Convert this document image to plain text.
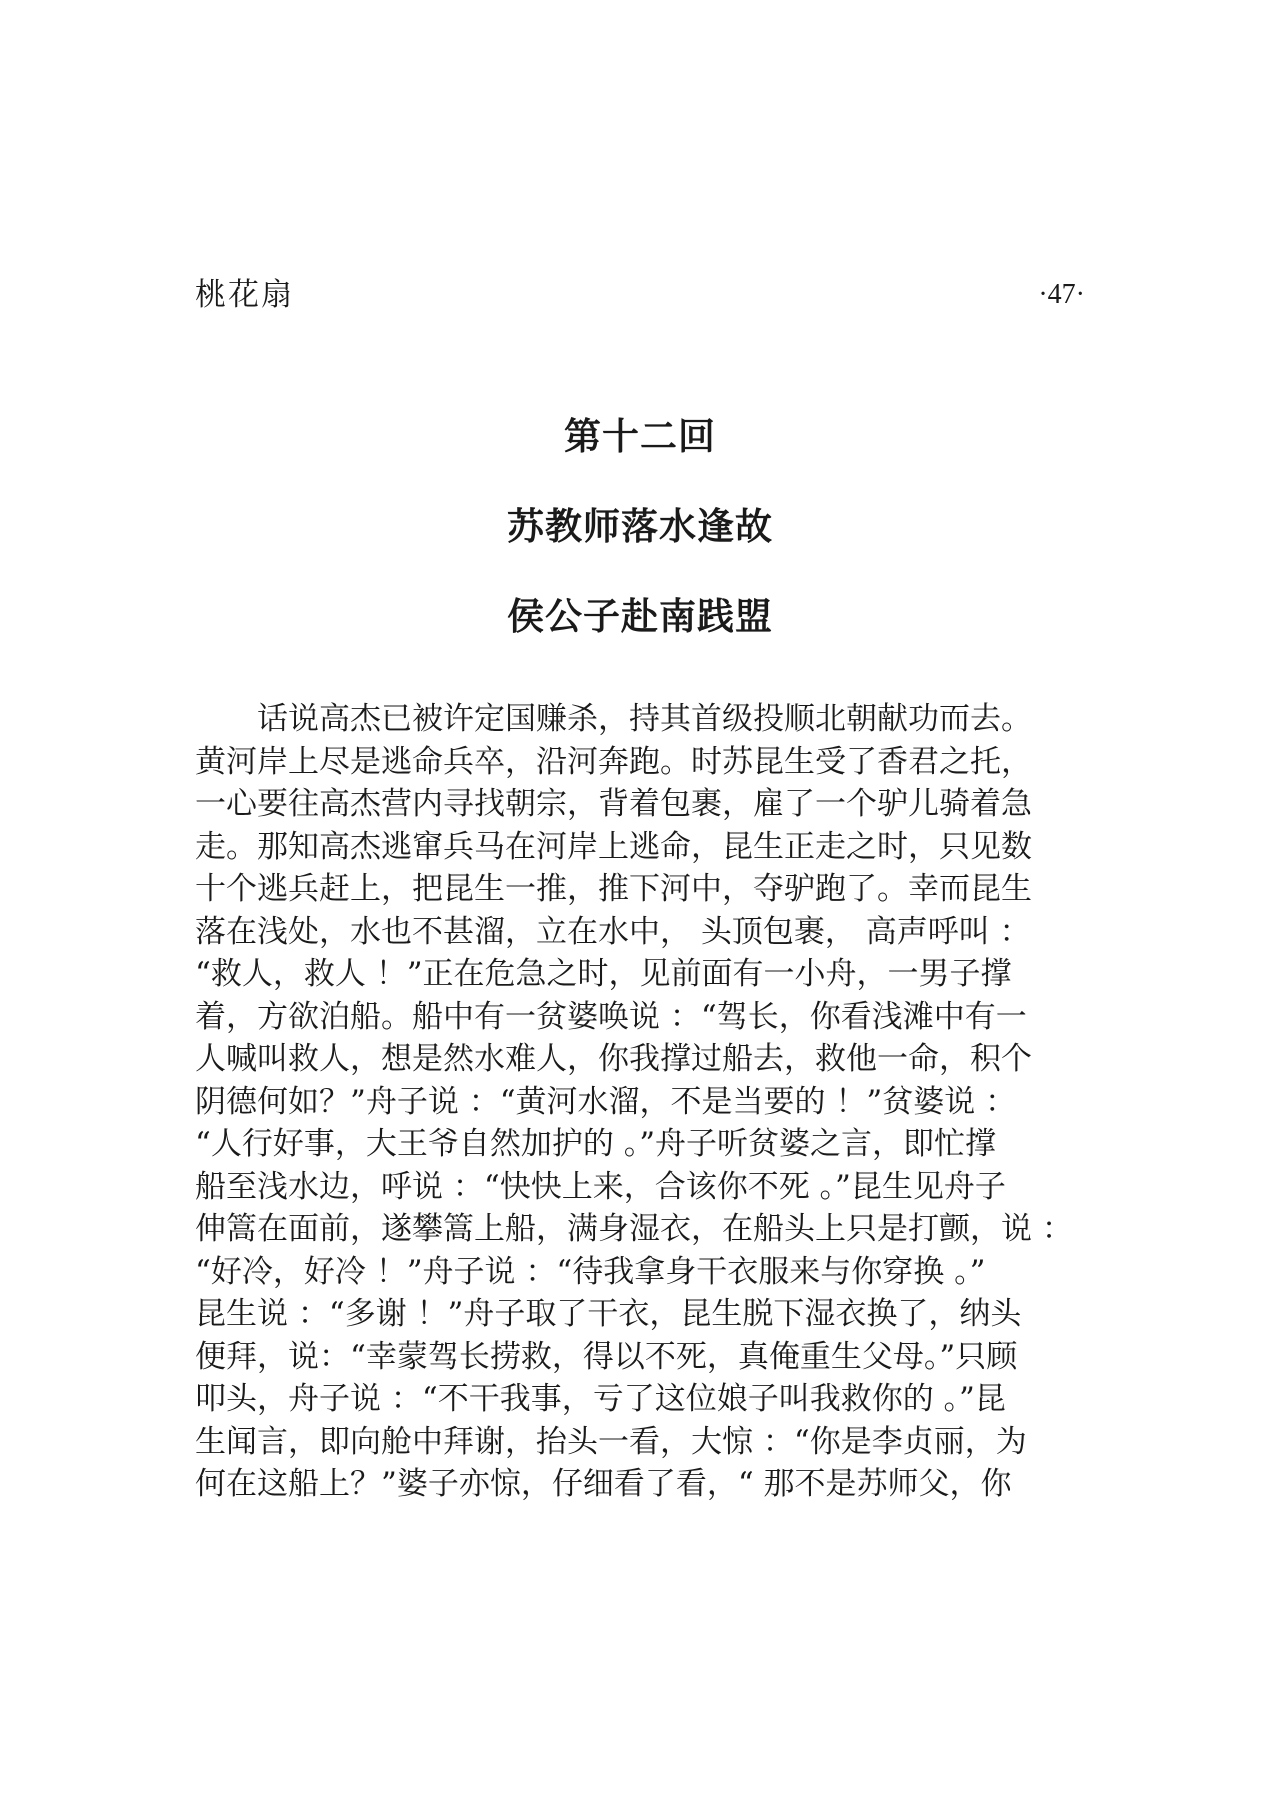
桃花扇	·47·
第十二回
苏教师落水逢故
侯公子赴南践盟
　　话说高杰已被许定国赚杀，持其首级投顺北朝献功而去。
黄河岸上尽是逃命兵卒，沿河奔跑。时苏昆生受了香君之托，
一心要往高杰营内寻找朝宗，背着包裹，雇了一个驴儿骑着急
走。那知高杰逃窜兵马在河岸上逃命，昆生正走之时，只见数
十个逃兵赶上，把昆生一推，推下河中，夺驴跑了。幸而昆生
落在浅处，水也不甚溜，立在水中， 头顶包裹， 高声呼叫 ：
“救人，救人 ！”正在危急之时，见前面有一小舟，一男子撑
着，方欲泊船。船中有一贫婆唤说 ：“驾长，你看浅滩中有一
人喊叫救人，想是然水难人，你我撑过船去，救他一命，积个
阴德何如？”舟子说 ：“黄河水溜，不是当要的 ！”贫婆说 ：
“人行好事，大王爷自然加护的 。”舟子听贫婆之言，即忙撑
船至浅水边，呼说 ：“快快上来，合该你不死 。”昆生见舟子
伸篙在面前，遂攀篙上船，满身湿衣，在船头上只是打颤，说 ：
“好冷，好冷 ！”舟子说 ：“待我拿身干衣服来与你穿换 。”
昆生说 ：“多谢 ！”舟子取了干衣，昆生脱下湿衣换了，纳头
便拜，说：“幸蒙驾长捞救，得以不死，真俺重生父母。”只顾
叩头，舟子说 ：“不干我事，亏了这位娘子叫我救你的 。”昆
生闻言，即向舱中拜谢，抬头一看，大惊 ：“你是李贞丽，为
何在这船上？”婆子亦惊，仔细看了看，“ 那不是苏师父，你
